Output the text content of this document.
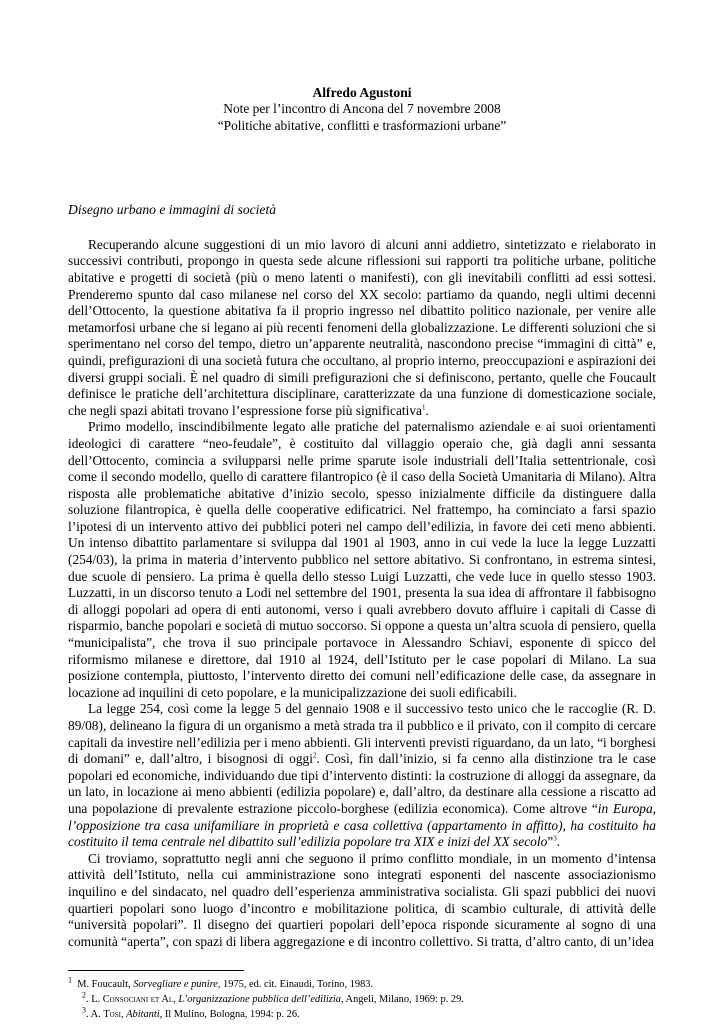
Alfredo Agustoni
Note per l’incontro di Ancona del 7 novembre 2008
“Politiche abitative, conflitti e trasformazioni urbane”
Disegno urbano e immagini di società

Recuperando alcune suggestioni di un mio lavoro di alcuni anni addietro, sintetizzato e rielaborato in successivi contributi, propongo in questa sede alcune riflessioni sui rapporti tra politiche urbane, politiche abitative e progetti di società (più o meno latenti o manifesti), con gli inevitabili conflitti ad essi sottesi. Prenderemo spunto dal caso milanese nel corso del XX secolo: partiamo da quando, negli ultimi decenni dell’Ottocento, la questione abitativa fa il proprio ingresso nel dibattito politico nazionale, per venire alle metamorfosi urbane che si legano ai più recenti fenomeni della globalizzazione. Le differenti soluzioni che si sperimentano nel corso del tempo, dietro un’apparente neutralità, nascondono precise “immagini di città” e, quindi, prefigurazioni di una società futura che occultano, al proprio interno, preoccupazioni e aspirazioni dei diversi gruppi sociali. È nel quadro di simili prefigurazioni che si definiscono, pertanto, quelle che Foucault definisce le pratiche dell’architettura disciplinare, caratterizzate da una funzione di domesticazione sociale, che negli spazi abitati trovano l’espressione forse più significativa$^1$.

Primo modello, inscindibilmente legato alle pratiche del paternalismo aziendale e ai suoi orientamenti ideologici di carattere “neo-feudale”, è costituito dal villaggio operaio che, già dagli anni sessanta dell’Ottocento, comincia a svilupparsi nelle prime sparute isole industriali dell’Italia settentrionale, così come il secondo modello, quello di carattere filantropico (è il caso della Società Umanitaria di Milano). Altra risposta alle problematiche abitative d’inizio secolo, spesso inizialmente difficile da distinguere dalla soluzione filantropica, è quella delle cooperative edificatrici. Nel frattempo, ha cominciato a farsi spazio l’ipotesi di un intervento attivo dei pubblici poteri nel campo dell’edilizia, in favore dei ceti meno abbienti. Un intenso dibattito parlamentare si sviluppa dal 1901 al 1903, anno in cui vede la luce la legge Luzzatti (254/03), la prima in materia d’intervento pubblico nel settore abitativo. Si confrontano, in estrema sintesi, due scuole di pensiero. La prima è quella dello stesso Luigi Luzzatti, che vede luce in quello stesso 1903. Luzzatti, in un discorso tenuto a Lodi nel settembre del 1901, presenta la sua idea di affrontare il fabbisogno di alloggi popolari ad opera di enti autonomi, verso i quali avrebbero dovuto affluire i capitali di Casse di risparmio, banche popolari e società di mutuo soccorso. Si oppone a questa un’altra scuola di pensiero, quella “municipalista”, che trova il suo principale portavoce in Alessandro Schiavi, esponente di spicco del riformismo milanese e direttore, dal 1910 al 1924, dell’Istituto per le case popolari di Milano. La sua posizione contempla, piuttosto, l’intervento diretto dei comuni nell’edificazione delle case, da assegnare in locazione ad inquilini di ceto popolare, e la municipalizzazione dei suoli edificabili.

La legge 254, così come la legge 5 del gennaio 1908 e il successivo testo unico che le raccoglie (R. D. 89/08), delineano la figura di un organismo a metà strada tra il pubblico e il privato, con il compito di cercare capitali da investire nell’edilizia per i meno abbienti. Gli interventi previsti riguardano, da un lato, “i borghesi di domani” e, dall’altro, i bisognosi di oggi$^2$. Così, fin dall’inizio, si fa cenno alla distinzione tra le case popolari ed economiche, individuando due tipi d’intervento distinti: la costruzione di alloggi da assegnare, da un lato, in locazione ai meno abbienti (edilizia popolare) e, dall’altro, da destinare alla cessione a riscatto ad una popolazione di prevalente estrazione piccolo-borghese (edilizia economica). Come altrove “in Europa, l’opposizione tra casa unifamiliare in proprietà e casa collettiva (appartamento in affitto), ha costituito ha costituito il tema centrale nel dibattito sull’edilizia popolare tra XIX e inizi del XX secolo”$^3$.

Ci troviamo, soprattutto negli anni che seguono il primo conflitto mondiale, in un momento d’intensa attività dell’Istituto, nella cui amministrazione sono integrati esponenti del nascente associazionismo inquilino e del sindacato, nel quadro dell’esperienza amministrativa socialista. Gli spazi pubblici dei nuovi quartieri popolari sono luogo d’incontro e mobilitazione politica, di scambio culturale, di attività delle “università popolari”. Il disegno dei quartieri popolari dell’epoca risponde sicuramente al sogno di una comunità “aperta”, con spazi di libera aggregazione e di incontro collettivo. Si tratta, d’altro canto, di un’idea

$^1$ M. Foucault, Sorvegliare e punire, 1975, ed. cit. Einaudi, Torino, 1983.
$^2$. L. Consociani et Al, L’organizzazione pubblica dell’edilizia, Angeli, Milano, 1969: p. 29.
$^3$. A. Tosi, Abitanti, Il Mulino, Bologna, 1994: p. 26.
